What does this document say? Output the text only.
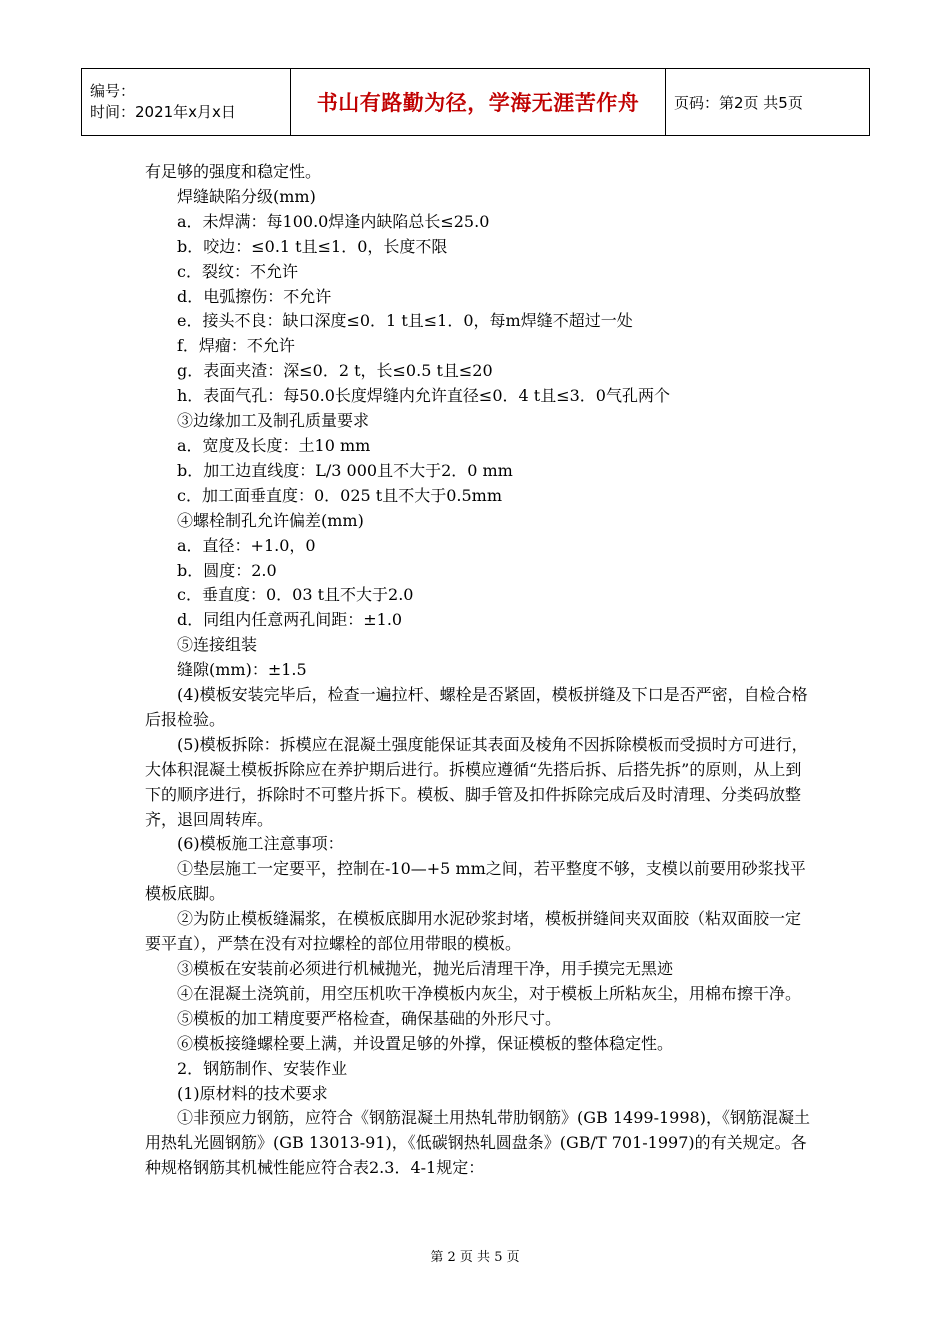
编号：
时间：2021年x月x日	书山有路勤为径，学海无涯苦作舟	页码：第2页 共5页

有足够的强度和稳定性。

焊缝缺陷分级(mm)

a．未焊满：每100.0焊逢内缺陷总长≤25.0

b．咬边：≤0.1 t且≤1．0，长度不限

c．裂纹：不允许

d．电弧擦伤：不允许

e．接头不良：缺口深度≤0．1 t且≤1．0，每m焊缝不超过一处

f．焊瘤：不允许

g．表面夹渣：深≤0．2 t，长≤0.5 t且≤20

h．表面气孔：每50.0长度焊缝内允许直径≤0．4 t且≤3．0气孔两个

③边缘加工及制孔质量要求

a．宽度及长度：土10 mm

b．加工边直线度：L/3 000且不大于2．0 mm

c．加工面垂直度：0．025 t且不大于0.5mm

④螺栓制孔允许偏差(mm)

a．直径：+1.0，0

b．圆度：2.0

c．垂直度：0．03 t且不大于2.0

d．同组内任意两孔间距：±1.0

⑤连接组装

缝隙(mm)：±1.5

(4)模板安装完毕后，检查一遍拉杆、螺栓是否紧固，模板拼缝及下口是否严密，自检合格后报检验。

(5)模板拆除：拆模应在混凝土强度能保证其表面及棱角不因拆除模板而受损时方可进行，大体积混凝土模板拆除应在养护期后进行。拆模应遵循“先搭后拆、后搭先拆”的原则，从上到下的顺序进行，拆除时不可整片拆下。模板、脚手管及扣件拆除完成后及时清理、分类码放整齐，退回周转库。

(6)模板施工注意事项：

①垫层施工一定要平，控制在-10—+5 mm之间，若平整度不够，支模以前要用砂浆找平模板底脚。

②为防止模板缝漏浆，在模板底脚用水泥砂浆封堵，模板拼缝间夹双面胶（粘双面胶一定要平直），严禁在没有对拉螺栓的部位用带眼的模板。

③模板在安装前必须进行机械抛光，抛光后清理干净，用手摸完无黑迹

④在混凝土浇筑前，用空压机吹干净模板内灰尘，对于模板上所粘灰尘，用棉布擦干净。

⑤模板的加工精度要严格检查，确保基础的外形尺寸。

⑥模板接缝螺栓要上满，并设置足够的外撑，保证模板的整体稳定性。

2．钢筋制作、安装作业

(1)原材料的技术要求

①非预应力钢筋，应符合《钢筋混凝土用热轧带肋钢筋》(GB 1499-1998)，《钢筋混凝土用热轧光圆钢筋》(GB 13013-91)，《低碳钢热轧圆盘条》(GB/T 701-1997)的有关规定。各种规格钢筋其机械性能应符合表2.3．4-1规定：

第 2 页 共 5 页
